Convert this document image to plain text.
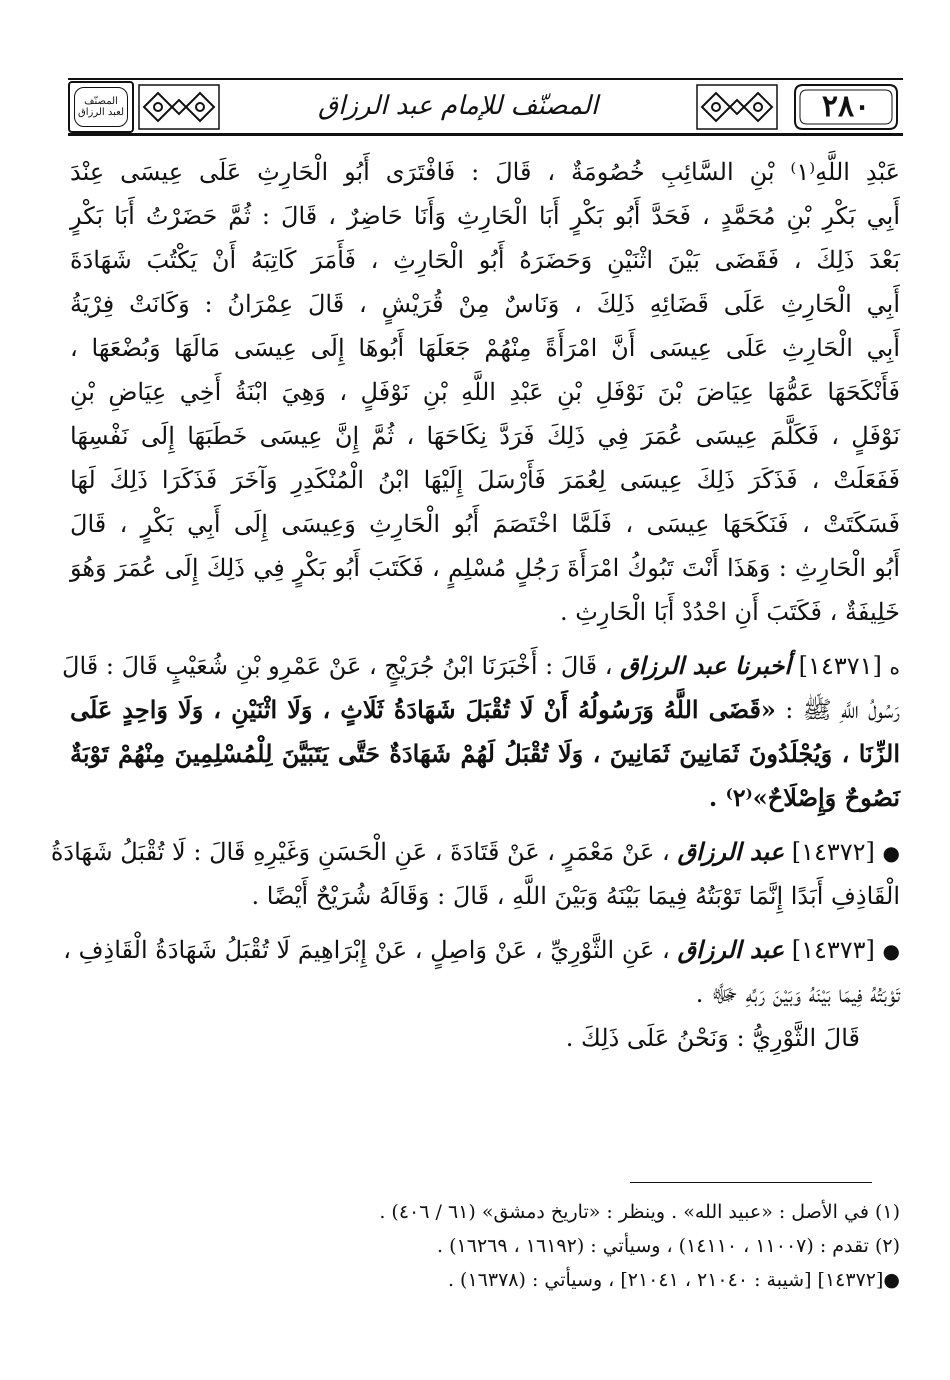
المصنّف
لعبد الرزاق	المصنّف للإمام عبد الرزاق	٢٨٠
عَبْدِ اللَّهِ⁽١⁾ بْنِ السَّائِبِ خُصُومَةٌ ، قَالَ : فَافْتَرَى أَبُو الْحَارِثِ عَلَى عِيسَى عِنْدَ
أَبِي بَكْرِ بْنِ مُحَمَّدٍ ، فَحَدَّ أَبُو بَكْرٍ أَبَا الْحَارِثِ وَأَنَا حَاضِرٌ ، قَالَ : ثُمَّ حَضَرْتُ أَبَا بَكْرٍ
بَعْدَ ذَلِكَ ، فَقَضَى بَيْنَ اثْنَيْنِ وَحَضَرَهُ أَبُو الْحَارِثِ ، فَأَمَرَ كَاتِبَهُ أَنْ يَكْتُبَ شَهَادَةَ
أَبِي الْحَارِثِ عَلَى قَضَائِهِ ذَلِكَ ، وَنَاسٌ مِنْ قُرَيْشٍ ، قَالَ عِمْرَانُ : وَكَانَتْ فِرْيَةُ
أَبِي الْحَارِثِ عَلَى عِيسَى أَنَّ امْرَأَةً مِنْهُمْ جَعَلَهَا أَبُوهَا إِلَى عِيسَى مَالَهَا وَبُضْعَهَا ،
فَأَنْكَحَهَا عَمُّهَا عِيَاضَ بْنَ نَوْفَلِ بْنِ عَبْدِ اللَّهِ بْنِ نَوْفَلٍ ، وَهِيَ ابْنَةُ أَخِي عِيَاضِ بْنِ
نَوْفَلٍ ، فَكَلَّمَ عِيسَى عُمَرَ فِي ذَلِكَ فَرَدَّ نِكَاحَهَا ، ثُمَّ إِنَّ عِيسَى خَطَبَهَا إِلَى نَفْسِهَا
فَفَعَلَتْ ، فَذَكَرَ ذَلِكَ عِيسَى لِعُمَرَ فَأَرْسَلَ إِلَيْهَا ابْنُ الْمُنْكَدِرِ وَآخَرَ فَذَكَرَا ذَلِكَ لَهَا
فَسَكَتَتْ ، فَنَكَحَهَا عِيسَى ، فَلَمَّا اخْتَصَمَ أَبُو الْحَارِثِ وَعِيسَى إِلَى أَبِي بَكْرٍ ، قَالَ
أَبُو الْحَارِثِ : وَهَذَا أَنْتَ تَبُوكُ امْرَأَةَ رَجُلٍ مُسْلِمٍ ، فَكَتَبَ أَبُو بَكْرٍ فِي ذَلِكَ إِلَى عُمَرَ وَهُوَ
خَلِيفَةٌ ، فَكَتَبَ أَنِ احْدُدْ أَبَا الْحَارِثِ .
ه [١٤٣٧١] أخبرنا عبد الرزاق ، قَالَ : أَخْبَرَنَا ابْنُ جُرَيْجٍ ، عَنْ عَمْرِو بْنِ شُعَيْبٍ قَالَ : قَالَ
رَسُولُ اللَّهِ ﷺ : «قَضَى اللَّهُ وَرَسُولُهُ أَنْ لَا تُقْبَلَ شَهَادَةُ ثَلَاثٍ ، وَلَا اثْنَيْنِ ، وَلَا وَاحِدٍ عَلَى
الزِّنَا ، وَيُجْلَدُونَ ثَمَانِينَ ثَمَانِينَ ، وَلَا تُقْبَلُ لَهُمْ شَهَادَةٌ حَتَّى يَتَبَيَّنَ لِلْمُسْلِمِينَ مِنْهُمْ تَوْبَةٌ
نَصُوحٌ وَإِصْلَاحٌ»⁽٢⁾ .
● [١٤٣٧٢] عبد الرزاق ، عَنْ مَعْمَرٍ ، عَنْ قَتَادَةَ ، عَنِ الْحَسَنِ وَغَيْرِهِ قَالَ : لَا تُقْبَلُ شَهَادَةُ
الْقَاذِفِ أَبَدًا إِنَّمَا تَوْبَتُهُ فِيمَا بَيْنَهُ وَبَيْنَ اللَّهِ ، قَالَ : وَقَالَهُ شُرَيْحٌ أَيْضًا .
● [١٤٣٧٣] عبد الرزاق ، عَنِ الثَّوْرِيِّ ، عَنْ وَاصِلٍ ، عَنْ إِبْرَاهِيمَ لَا تُقْبَلُ شَهَادَةُ الْقَاذِفِ ،
تَوْبَتُهُ فِيمَا بَيْنَهُ وَبَيْنَ رَبِّهِ ﷻ .
قَالَ الثَّوْرِيُّ : وَنَحْنُ عَلَى ذَلِكَ .
(١) في الأصل : «عبيد الله» . وينظر : «تاريخ دمشق» (٦١ / ٤٠٦) .
(٢) تقدم : (١١٠٠٧ ، ١٤١١٠) ، وسيأتي : (١٦١٩٢ ، ١٦٢٦٩) .
●[١٤٣٧٢] [شيبة : ٢١٠٤٠ ، ٢١٠٤١] ، وسيأتي : (١٦٣٧٨) .
